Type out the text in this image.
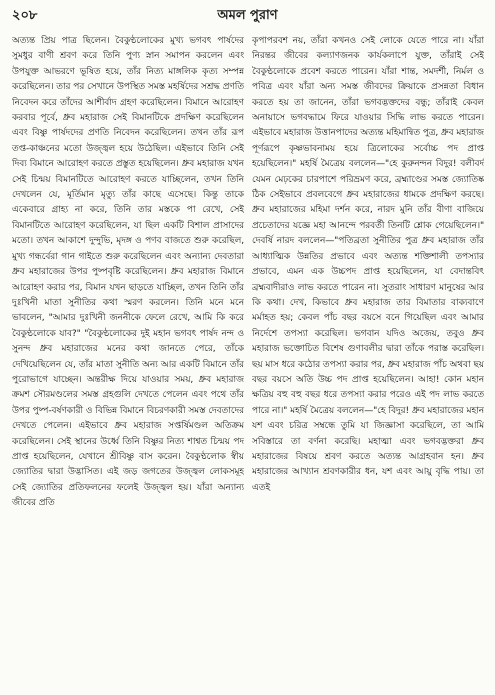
২০৮	অমল পুরাণ

অত্যন্ত প্রিয় পাত্র ছিলেন। বৈকুণ্ঠলোকের মুখ্য ভগবৎ পার্ষদের সুমধুর বাণী শ্রবণ করে তিনি পুণ্য স্নান সমাপন করলেন এবং উপযুক্ত আভরণে ভূষিত হয়ে, তাঁর নিত্য মাঙ্গলিক কৃত্য সম্পন্ন করেছিলেন। তার পর সেখানে উপস্থিত সমস্ত মহর্ষিদের সশ্রদ্ধ প্রণতি নিবেদন করে তাঁদের আশীর্বাদ গ্রহণ করেছিলেন। বিমানে আরোহণ করবার পূর্বে, ধ্রুব মহারাজ সেই বিমানটিকে প্রদক্ষিণ করেছিলেন এবং বিষ্ণু পার্ষদদের প্রণতি নিবেদন করেছিলেন। তখন তাঁর রূপ তপ্ত-কাঞ্চনের মতো উজ্জ্বল হয়ে উঠেছিল। এইভাবে তিনি সেই দিব্য বিমানে আরোহণ করতে প্রস্তুত হয়েছিলেন। ধ্রুব মহারাজ যখন সেই চিন্ময় বিমানটিতে আরোহণ করতে যাচ্ছিলেন, তখন তিনি দেখলেন যে, মূর্তিমান মৃত্যু তাঁর কাছে এসেছে। কিন্তু তাকে একেবারে গ্রাহ্য না করে, তিনি তার মস্তকে পা রেখে, সেই বিমানটিতে আরোহণ করেছিলেন, যা ছিল একটি বিশাল প্রাসাদের মতো। তখন আকাশে দুন্দুভি, মৃদঙ্গ ও পণব বাজতে শুরু করেছিল, মুখ্য গন্ধর্বেরা গান গাইতে শুরু করেছিলেন এবং অন্যান্য দেবতারা ধ্রুব মহারাজের উপর পুষ্পবৃষ্টি করেছিলেন। ধ্রুব মহারাজ বিমানে আরোহণ করার পর, বিমান যখন ছাড়তে যাচ্ছিল, তখন তিনি তাঁর দুঃখিনী মাতা সুনীতির কথা স্মরণ করলেন। তিনি মনে মনে ভাবলেন, "আমার দুঃখিনী জননীকে ফেলে রেখে, আমি কি করে বৈকুণ্ঠলোকে যাব?" "বৈকুণ্ঠলোকের দুই মহান ভগবৎ পার্ষদ নন্দ ও সুনন্দ ধ্রুব মহারাজের মনের কথা জানতে পেরে, তাঁকে দেখিয়েছিলেন যে, তাঁর মাতা সুনীতি অন্য আর একটি বিমানে তাঁর পুরোভাগে যাচ্ছেন। অন্তরীক্ষ দিয়ে যাওয়ার সময়, ধ্রুব মহারাজ ক্রমশ সৌরমণ্ডলের সমস্ত গ্রহগুলি দেখতে পেলেন এবং পথে তাঁর উপর পুষ্প-বর্ষণকারী ও বিভিন্ন বিমানে বিচরণকারী সমস্ত দেবতাদের দেখতে পেলেন। এইভাবে ধ্রুব মহারাজ সপ্তর্ষিমণ্ডল অতিক্রম করেছিলেন। সেই স্থানের উর্ধ্বে তিনি বিষ্ণুর নিত্য শাশ্বত চিন্ময় পদ প্রাপ্ত হয়েছিলেন, যেখানে শ্রীবিষ্ণু বাস করেন। বৈকুণ্ঠলোক স্বীয় জ্যোতির দ্বারা উদ্ভাসিত। এই জড় জগতের উজ্জ্বল লোকসমূহ সেই জ্যোতির প্রতিফলনের ফলেই উজ্জ্বল হয়। যাঁরা অন্যান্য জীবের প্রতি

কৃপাপরবশ নয়, তাঁরা কখনও সেই লোকে যেতে পারে না। যাঁরা নিরন্তর জীবের কল্যাণজনক কার্যকলাপে যুক্ত, তাঁরাই সেই বৈকুণ্ঠলোকে প্রবেশ করতে পারেন। যাঁরা শান্ত, সমদর্শী, নির্মল ও পবিত্র এবং যাঁরা অন্য সমস্ত জীবদের ক্রিয়াকে প্রসন্নতা বিধান করতে হয় তা জানেন, তাঁরা ভগবদ্ভক্তদের বন্ধু; তাঁরাই কেবল অনায়াসে ভগবদ্ধামে ফিরে যাওয়ার সিদ্ধি লাভ করতে পারেন। এইভাবে মহারাজ উত্তানপাদের অত্যন্ত মহিমান্বিত পুত্র, ধ্রুব মহারাজ পূর্ণরূপে কৃষ্ণভাবনাময় হয়ে ত্রিলোকের সর্বোচ্চ পদ প্রাপ্ত হয়েছিলেন।" মহর্ষি মৈত্রেয় বললেন—"হে কুরুনন্দন বিদুর! বলীবর্দ যেমন মেঢ়কের চারপাশে পরিভ্রমণ করে, ব্রহ্মাণ্ডের সমস্ত জ্যোতিষ্ক ঠিক সেইভাবে প্রবলবেগে ধ্রুব মহারাজের ধামকে প্রদক্ষিণ করছে। ধ্রুব মহারাজের মহিমা দর্শন করে, নারদ মুনি তাঁর বীণা বাজিয়ে প্রচেতাদের যজ্ঞে মহা আনন্দে পরবর্তী তিনটি শ্লোক গেয়েছিলেন।" দেবর্ষি নারদ বললেন—"পতিব্রতা সুনীতির পুত্র ধ্রুব মহারাজ তাঁর আধ্যাত্মিক উন্নতির প্রভাবে এবং অত্যন্ত শক্তিশালী তপস্যার প্রভাবে, এমন এক উচ্চপদ প্রাপ্ত হয়েছিলেন, যা বেদান্তবিৎ ব্রহ্মবাদীরাও লাভ করতে পারেন না। সুতরাং সাধারণ মানুষের আর কি কথা। দেখ, কিভাবে ধ্রুব মহারাজ তার বিমাতার বাক্যবাণে মর্মাহত হয়; কেবল পাঁচ বছর বয়সে বনে গিয়েছিল এবং আমার নির্দেশে তপস্যা করেছিল। ভগবান যদিও অজেয়, তবুও ধ্রুব মহারাজ ভক্তোচিত বিশেষ গুণাবলীর দ্বারা তাঁকে পরাস্ত করেছিল। ছয় মাস ধরে কঠোর তপস্যা করার পর, ধ্রুব মহারাজ পাঁচ অথবা ছয় বছর বয়সে অতি উচ্চ পদ প্রাপ্ত হয়েছিলেন। আহা! কোন মহান ক্ষত্রিয় বহু বহু বছর ধরে তপস্যা করার পরেও এই পদ লাভ করতে পারে না।" মহর্ষি মৈত্রেয় বললেন—"হে বিদুর! ধ্রুব মহারাজের মহান যশ এবং চরিত্র সম্বন্ধে তুমি যা জিজ্ঞাসা করেছিলে, তা আমি সবিস্তারে তা বর্ণনা করেছি। মহাত্মা এবং ভগবদ্ভক্তরা ধ্রুব মহারাজের বিষয়ে শ্রবণ করতে অত্যন্ত আগ্রহবান হন। ধ্রুব মহারাজের আখ্যান শ্রবণকারীর ধন, যশ এবং আয়ু বৃদ্ধি পায়। তা এতই
